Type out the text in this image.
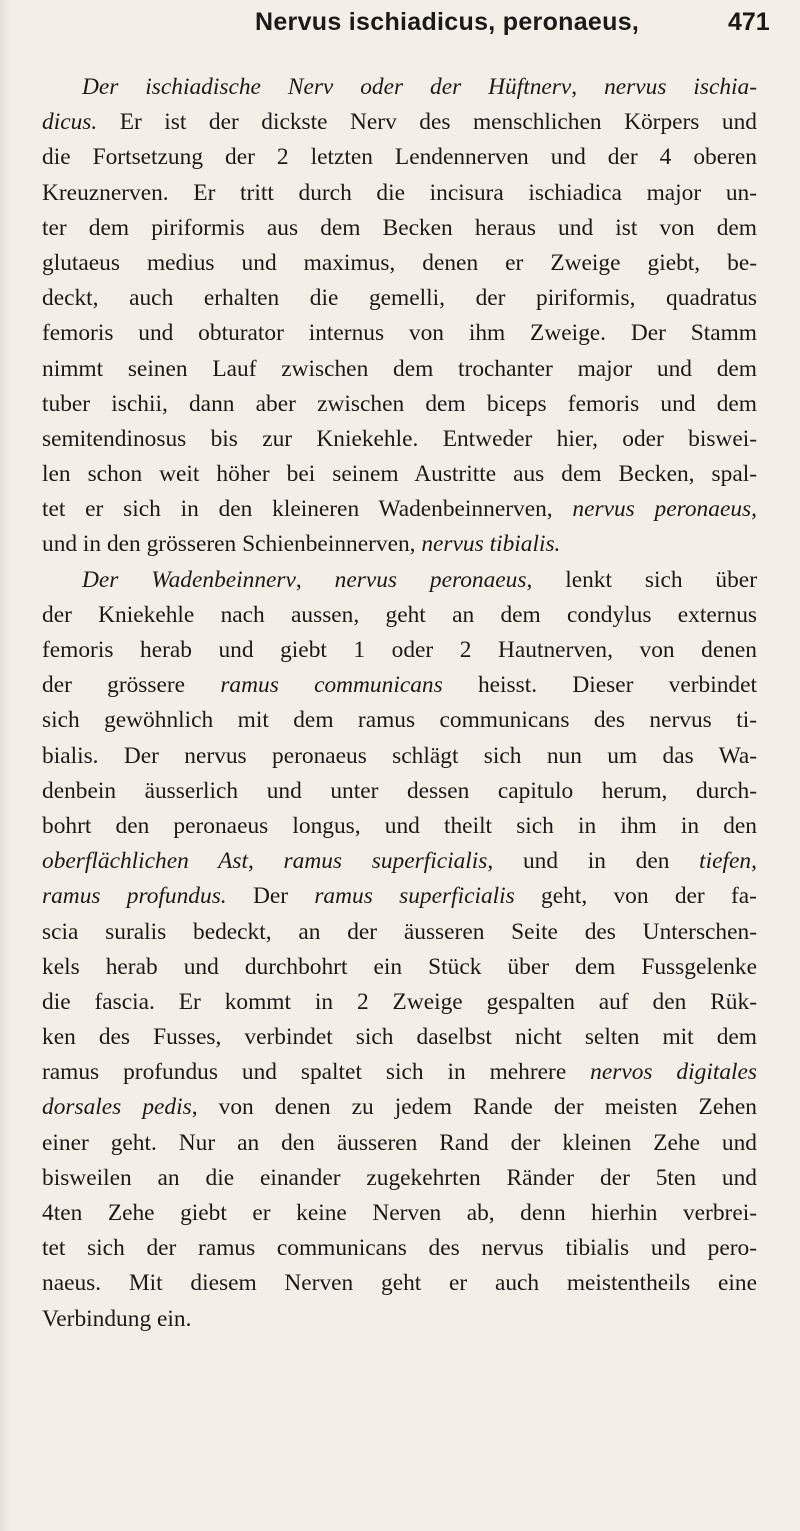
Nervus ischiadicus, peronaeus,	471
Der ischiadische Nerv oder der Hüftnerv, nervus ischia-
dicus. Er ist der dickste Nerv des menschlichen Körpers und
die Fortsetzung der 2 letzten Lendennerven und der 4 oberen
Kreuznerven. Er tritt durch die incisura ischiadica major un-
ter dem piriformis aus dem Becken heraus und ist von dem
glutaeus medius und maximus, denen er Zweige giebt, be-
deckt, auch erhalten die gemelli, der piriformis, quadratus
femoris und obturator internus von ihm Zweige. Der Stamm
nimmt seinen Lauf zwischen dem trochanter major und dem
tuber ischii, dann aber zwischen dem biceps femoris und dem
semitendinosus bis zur Kniekehle. Entweder hier, oder biswei-
len schon weit höher bei seinem Austritte aus dem Becken, spal-
tet er sich in den kleineren Wadenbeinnerven, nervus peronaeus,
und in den grösseren Schienbeinnerven, nervus tibialis.
Der Wadenbeinnerv, nervus peronaeus, lenkt sich über
der Kniekehle nach aussen, geht an dem condylus externus
femoris herab und giebt 1 oder 2 Hautnerven, von denen
der grössere ramus communicans heisst. Dieser verbindet
sich gewöhnlich mit dem ramus communicans des nervus ti-
bialis. Der nervus peronaeus schlägt sich nun um das Wa-
denbein äusserlich und unter dessen capitulo herum, durch-
bohrt den peronaeus longus, und theilt sich in ihm in den
oberflächlichen Ast, ramus superficialis, und in den tiefen,
ramus profundus. Der ramus superficialis geht, von der fa-
scia suralis bedeckt, an der äusseren Seite des Unterschen-
kels herab und durchbohrt ein Stück über dem Fussgelenke
die fascia. Er kommt in 2 Zweige gespalten auf den Rük-
ken des Fusses, verbindet sich daselbst nicht selten mit dem
ramus profundus und spaltet sich in mehrere nervos digitales
dorsales pedis, von denen zu jedem Rande der meisten Zehen
einer geht. Nur an den äusseren Rand der kleinen Zehe und
bisweilen an die einander zugekehrten Ränder der 5ten und
4ten Zehe giebt er keine Nerven ab, denn hierhin verbrei-
tet sich der ramus communicans des nervus tibialis und pero-
naeus. Mit diesem Nerven geht er auch meistentheils eine
Verbindung ein.
